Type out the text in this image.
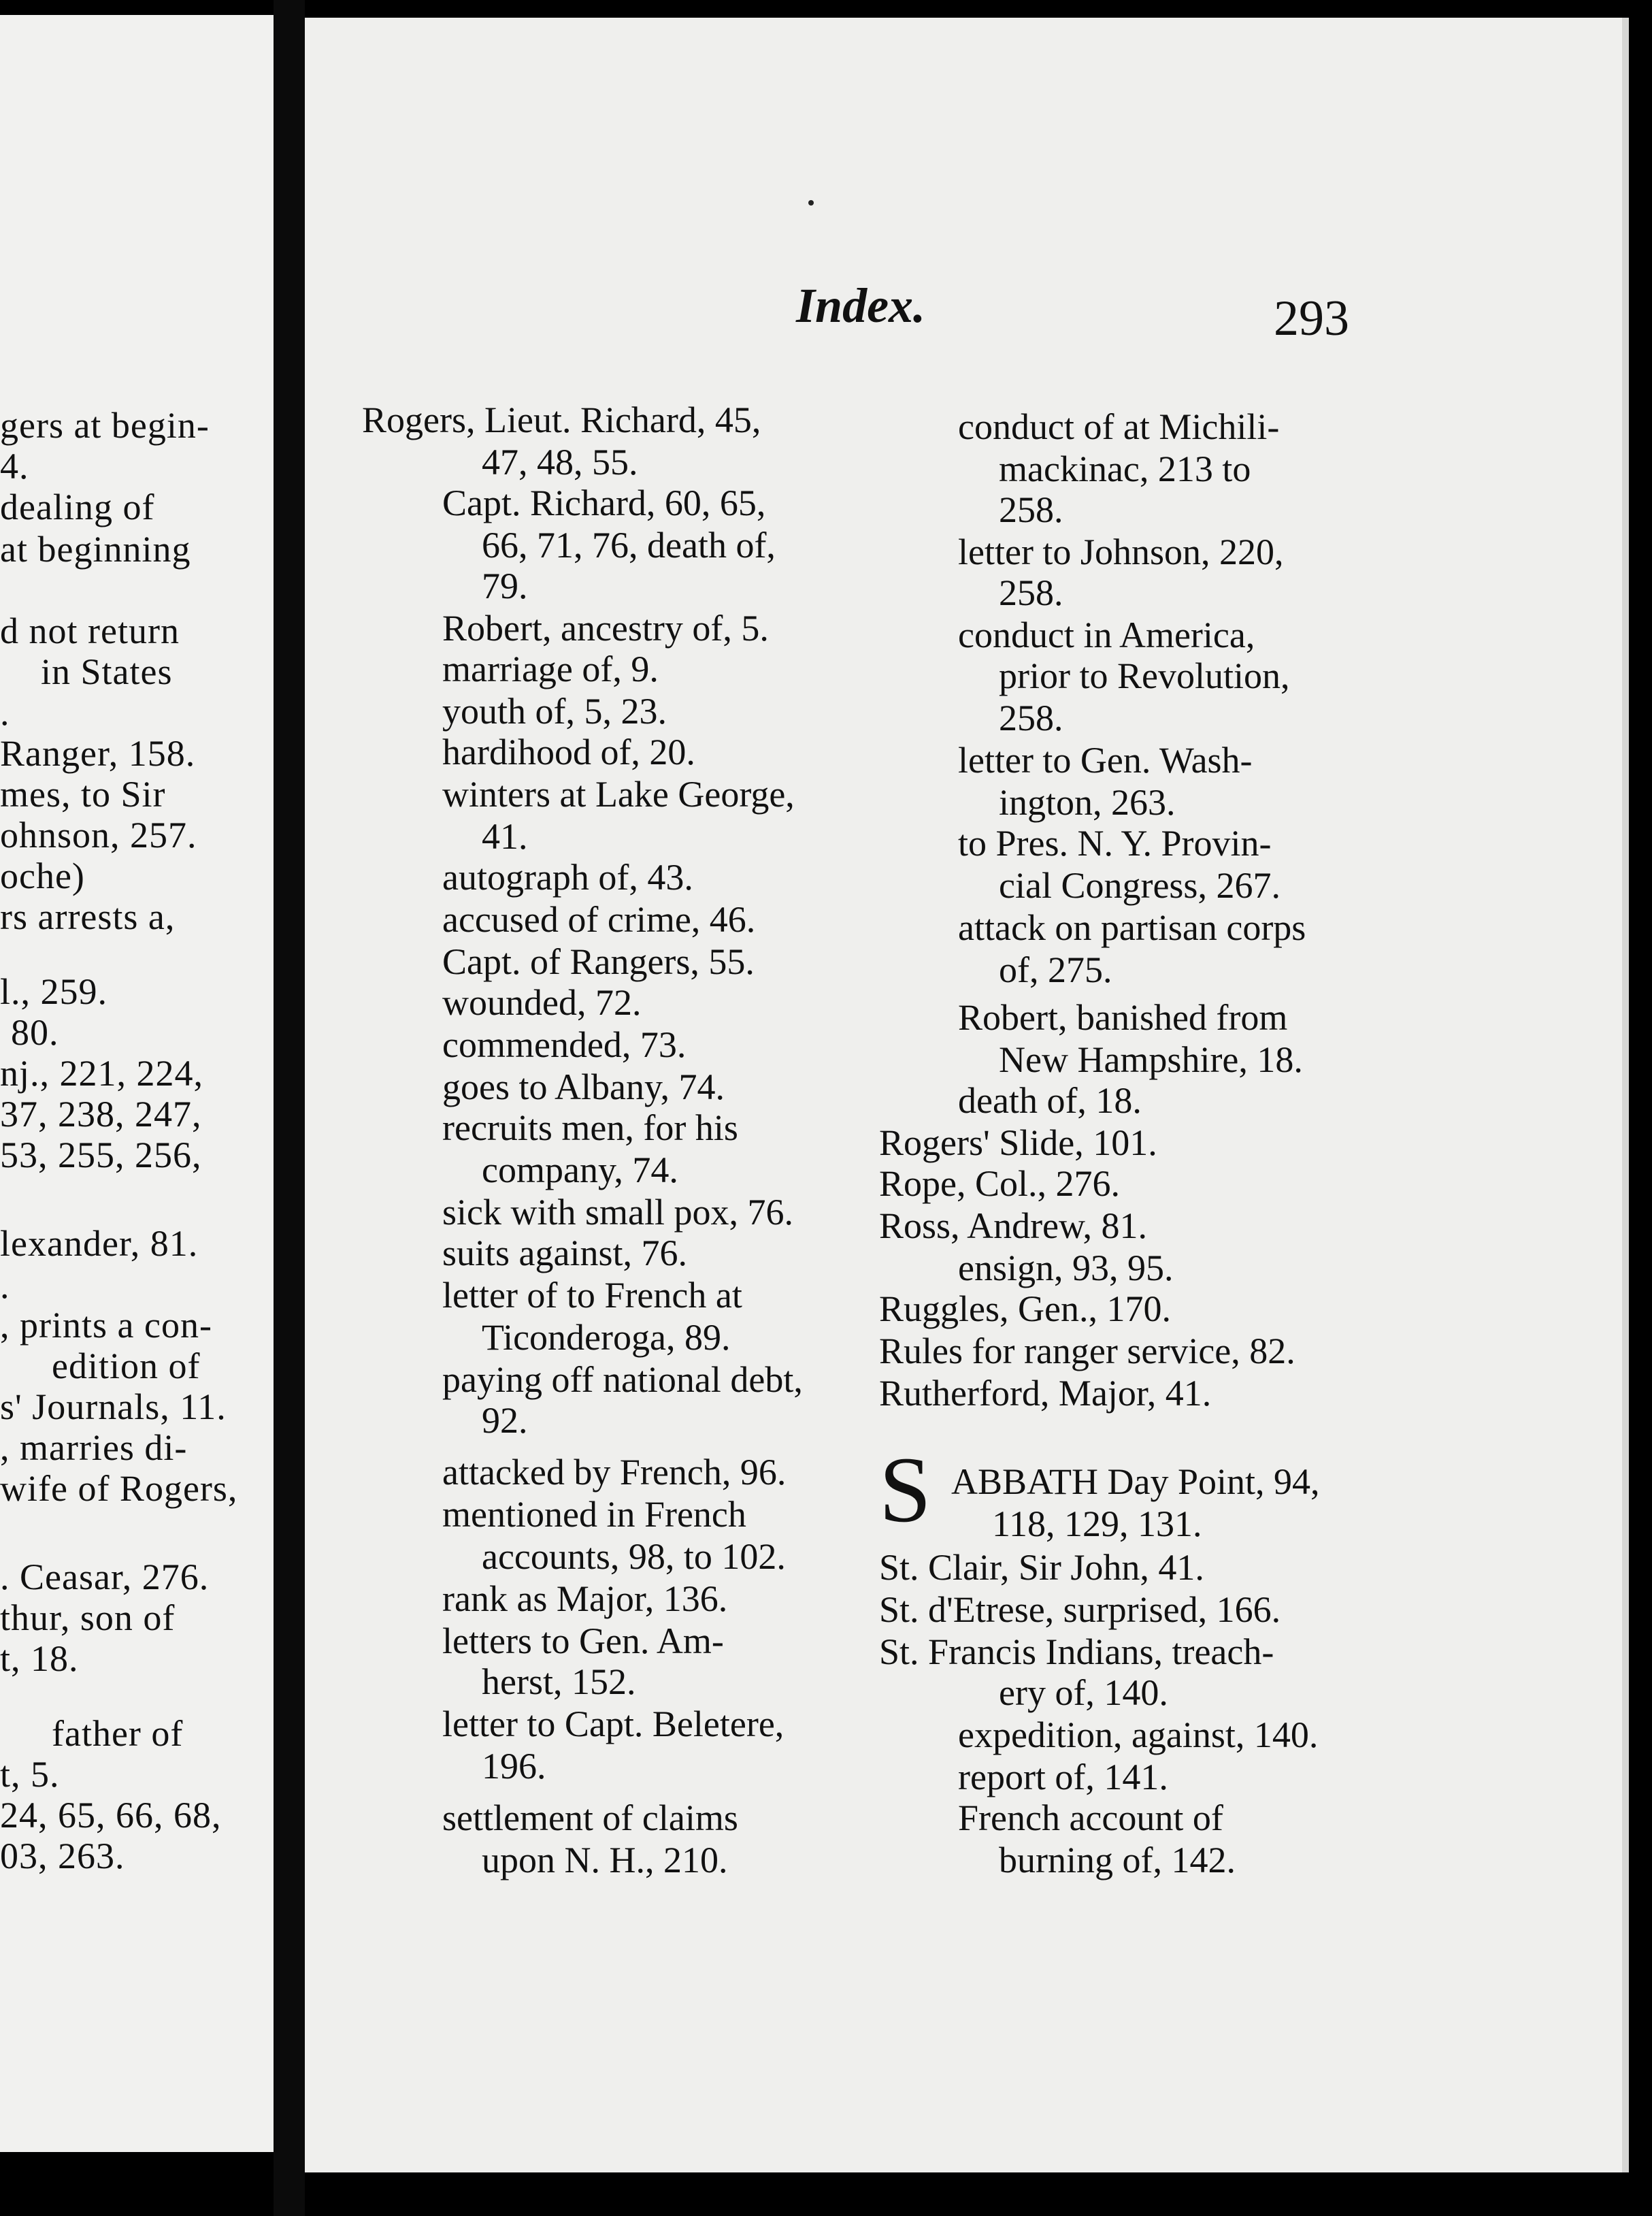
gers at begin-
4.
dealing of
at beginning
d not return
in States
.
Ranger, 158.
mes, to Sir
ohnson, 257.
oche)
rs arrests a,
l., 259.
80.
nj., 221, 224,
37, 238, 247,
53, 255, 256,
lexander, 81.
.
, prints a con-
edition of
s' Journals, 11.
, marries di-
wife of Rogers,
. Ceasar, 276.
thur, son of
t, 18.
father of
t, 5.
24, 65, 66, 68,
03, 263.
Index.	293
Rogers, Lieut. Richard, 45,
47, 48, 55.
Capt. Richard, 60, 65,
66, 71, 76, death of,
79.
Robert, ancestry of, 5.
marriage of, 9.
youth of, 5, 23.
hardihood of, 20.
winters at Lake George,
41.
autograph of, 43.
accused of crime, 46.
Capt. of Rangers, 55.
wounded, 72.
commended, 73.
goes to Albany, 74.
recruits men, for his
company, 74.
sick with small pox, 76.
suits against, 76.
letter of to French at
Ticonderoga, 89.
paying off national debt,
92.
attacked by French, 96.
mentioned in French
accounts, 98, to 102.
rank as Major, 136.
letters to Gen. Am-
herst, 152.
letter to Capt. Beletere,
196.
settlement of claims
upon N. H., 210.
conduct of at Michili-
mackinac, 213 to
258.
letter to Johnson, 220,
258.
conduct in America,
prior to Revolution,
258.
letter to Gen. Wash-
ington, 263.
to Pres. N. Y. Provin-
cial Congress, 267.
attack on partisan corps
of, 275.
Robert, banished from
New Hampshire, 18.
death of, 18.
Rogers' Slide, 101.
Rope, Col., 276.
Ross, Andrew, 81.
ensign, 93, 95.
Ruggles, Gen., 170.
Rules for ranger service, 82.
Rutherford, Major, 41.
S ABBATH Day Point, 94,
118, 129, 131.
St. Clair, Sir John, 41.
St. d'Etrese, surprised, 166.
St. Francis Indians, treach-
ery of, 140.
expedition, against, 140.
report of, 141.
French account of
burning of, 142.
